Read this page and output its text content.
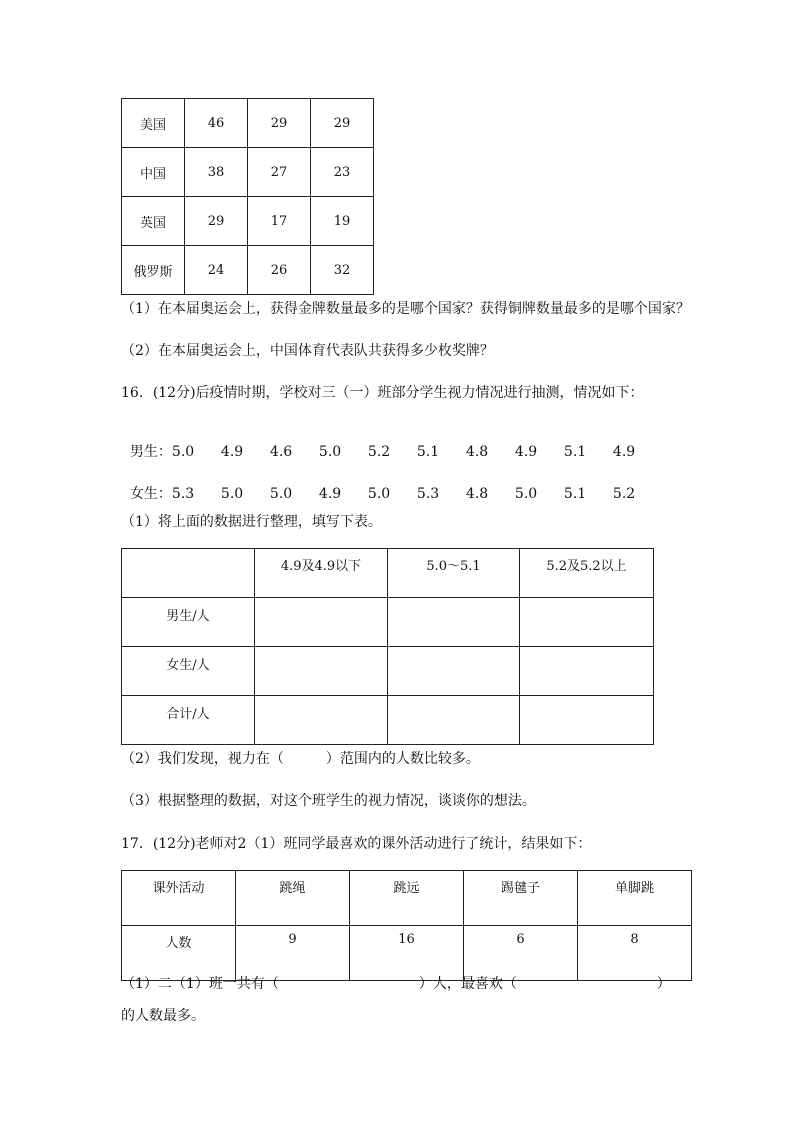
美国	46	29	29
中国	38	27	23
英国	29	17	19
俄罗斯	24	26	32
（1）在本届奥运会上，获得金牌数量最多的是哪个国家？获得铜牌数量最多的是哪个国家？
（2）在本届奥运会上，中国体育代表队共获得多少枚奖牌？
16．(12分)后疫情时期，学校对三（一）班部分学生视力情况进行抽测，情况如下：

男生：5.0 4.9 4.6 5.0 5.2 5.1 4.8 4.9 5.1 4.9

女生：5.3 5.0 5.0 4.9 5.0 5.3 4.8 5.0 5.1 5.2

（1）将上面的数据进行整理，填写下表。
	4.9及4.9以下	5.0～5.1	5.2及5.2以上
男生/人			
女生/人			
合计/人			
（2）我们发现，视力在（　　　）范围内的人数比较多。
（3）根据整理的数据，对这个班学生的视力情况，谈谈你的想法。
17．(12分)老师对2（1）班同学最喜欢的课外活动进行了统计，结果如下：
课外活动	跳绳	跳远	踢毽子	单脚跳
人数	9	16	6	8
（1）二（1）班一共有（　　　　　　　　　　）人，最喜欢（　　　　　　　　　　）
的人数最多。
